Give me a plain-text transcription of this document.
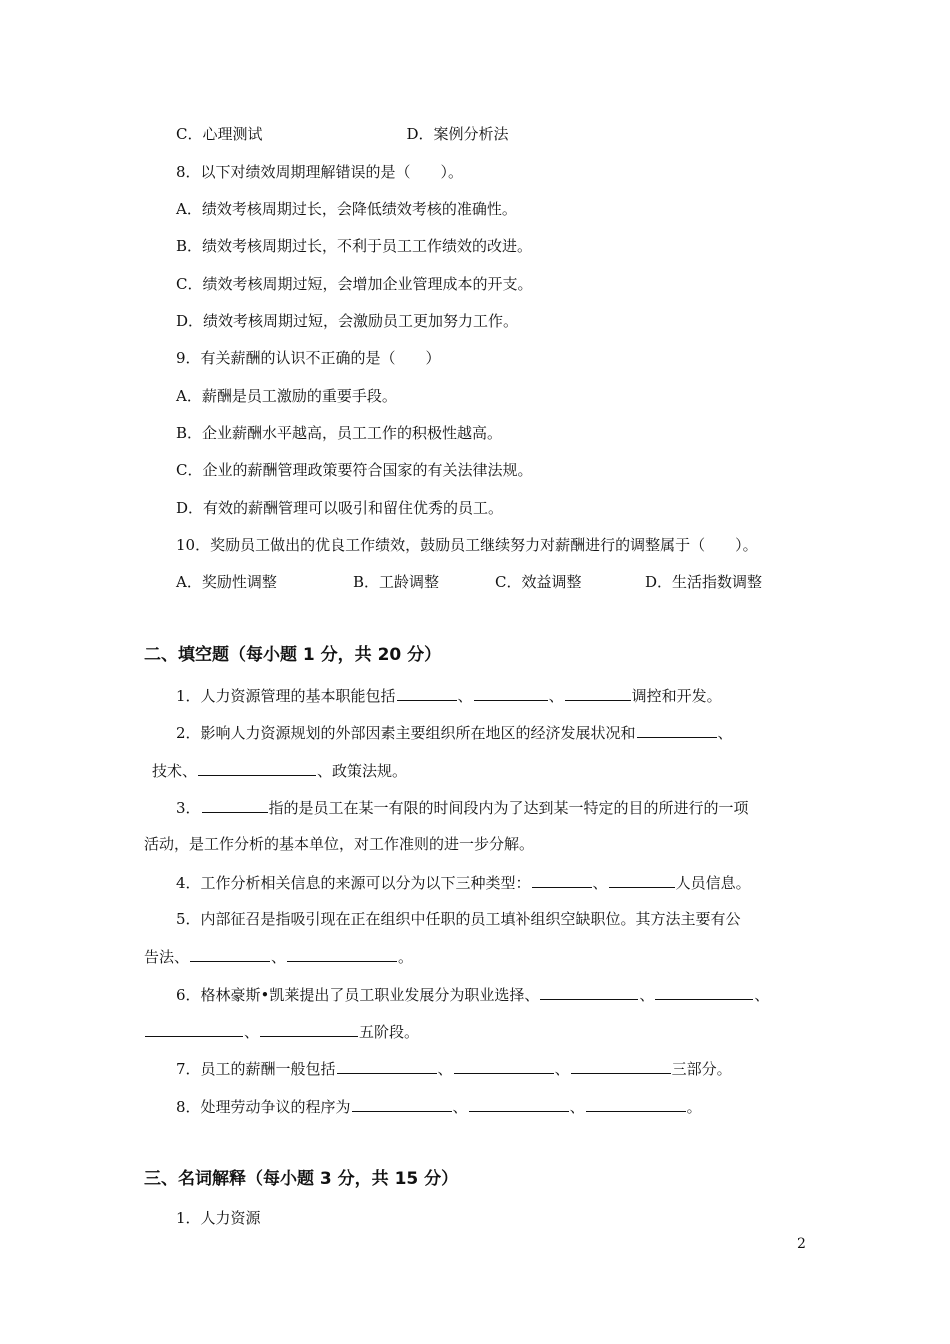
C．心理测试	D．案例分析法
8．以下对绩效周期理解错误的是（　　）。
A．绩效考核周期过长，会降低绩效考核的准确性。
B．绩效考核周期过长，不利于员工工作绩效的改进。
C．绩效考核周期过短，会增加企业管理成本的开支。
D．绩效考核周期过短，会激励员工更加努力工作。
9．有关薪酬的认识不正确的是（　　）
A．薪酬是员工激励的重要手段。
B．企业薪酬水平越高，员工工作的积极性越高。
C．企业的薪酬管理政策要符合国家的有关法律法规。
D．有效的薪酬管理可以吸引和留住优秀的员工。
10．奖励员工做出的优良工作绩效，鼓励员工继续努力对薪酬进行的调整属于（　　）。
A．奖励性调整	B．工龄调整	C．效益调整	D．生活指数调整
二、填空题（每小题 1 分，共 20 分）
1．人力资源管理的基本职能包括	、	、	调控和开发。
2．影响人力资源规划的外部因素主要组织所在地区的经济发展状况和	、
技术、	、政策法规。
3．	指的是员工在某一有限的时间段内为了达到某一特定的目的所进行的一项
活动，是工作分析的基本单位，对工作准则的进一步分解。
4．工作分析相关信息的来源可以分为以下三种类型：	、	人员信息。
5．内部征召是指吸引现在正在组织中任职的员工填补组织空缺职位。其方法主要有公
告法、	、	。
6．格林豪斯•凯莱提出了员工职业发展分为职业选择、	、	、
、	五阶段。
7．员工的薪酬一般包括	、	、	三部分。
8．处理劳动争议的程序为	、	、	。
三、名词解释（每小题 3 分，共 15 分）
1．人力资源
2
